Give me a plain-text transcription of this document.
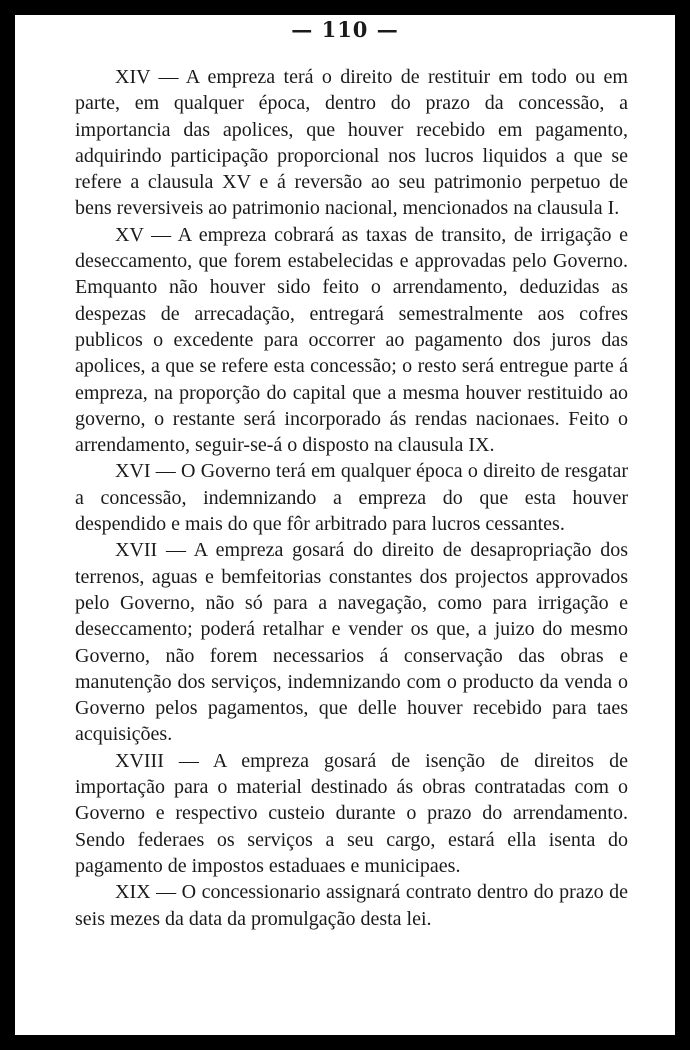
— 110 —

XIV — A empreza terá o direito de restituir em todo ou em parte, em qualquer época, dentro do prazo da concessão, a importancia das apolices, que houver recebido em pagamento, adquirindo participação proporcional nos lucros liquidos a que se refere a clausula XV e á reversão ao seu patrimonio perpetuo de bens reversiveis ao patrimonio nacional, mencionados na clausula I.

XV — A empreza cobrará as taxas de transito, de irrigação e deseccamento, que forem estabelecidas e approvadas pelo Governo. Emquanto não houver sido feito o arrendamento, deduzidas as despezas de arrecadação, entregará semestralmente aos cofres publicos o excedente para occorrer ao pagamento dos juros das apolices, a que se refere esta concessão; o resto será entregue parte á empreza, na proporção do capital que a mesma houver restituido ao governo, o restante será incorporado ás rendas nacionaes. Feito o arrendamento, seguir-se-á o disposto na clausula IX.

XVI — O Governo terá em qualquer época o direito de resgatar a concessão, indemnizando a empreza do que esta houver despendido e mais do que fôr arbitrado para lucros cessantes.

XVII — A empreza gosará do direito de desapropriação dos terrenos, aguas e bemfeitorias constantes dos projectos approvados pelo Governo, não só para a navegação, como para irrigação e deseccamento; poderá retalhar e vender os que, a juizo do mesmo Governo, não forem necessarios á conservação das obras e manutenção dos serviços, indemnizando com o producto da venda o Governo pelos pagamentos, que delle houver recebido para taes acquisições.

XVIII — A empreza gosará de isenção de direitos de importação para o material destinado ás obras contratadas com o Governo e respectivo custeio durante o prazo do arrendamento. Sendo federaes os serviços a seu cargo, estará ella isenta do pagamento de impostos estaduaes e municipaes.

XIX — O concessionario assignará contrato dentro do prazo de seis mezes da data da promulgação desta lei.
